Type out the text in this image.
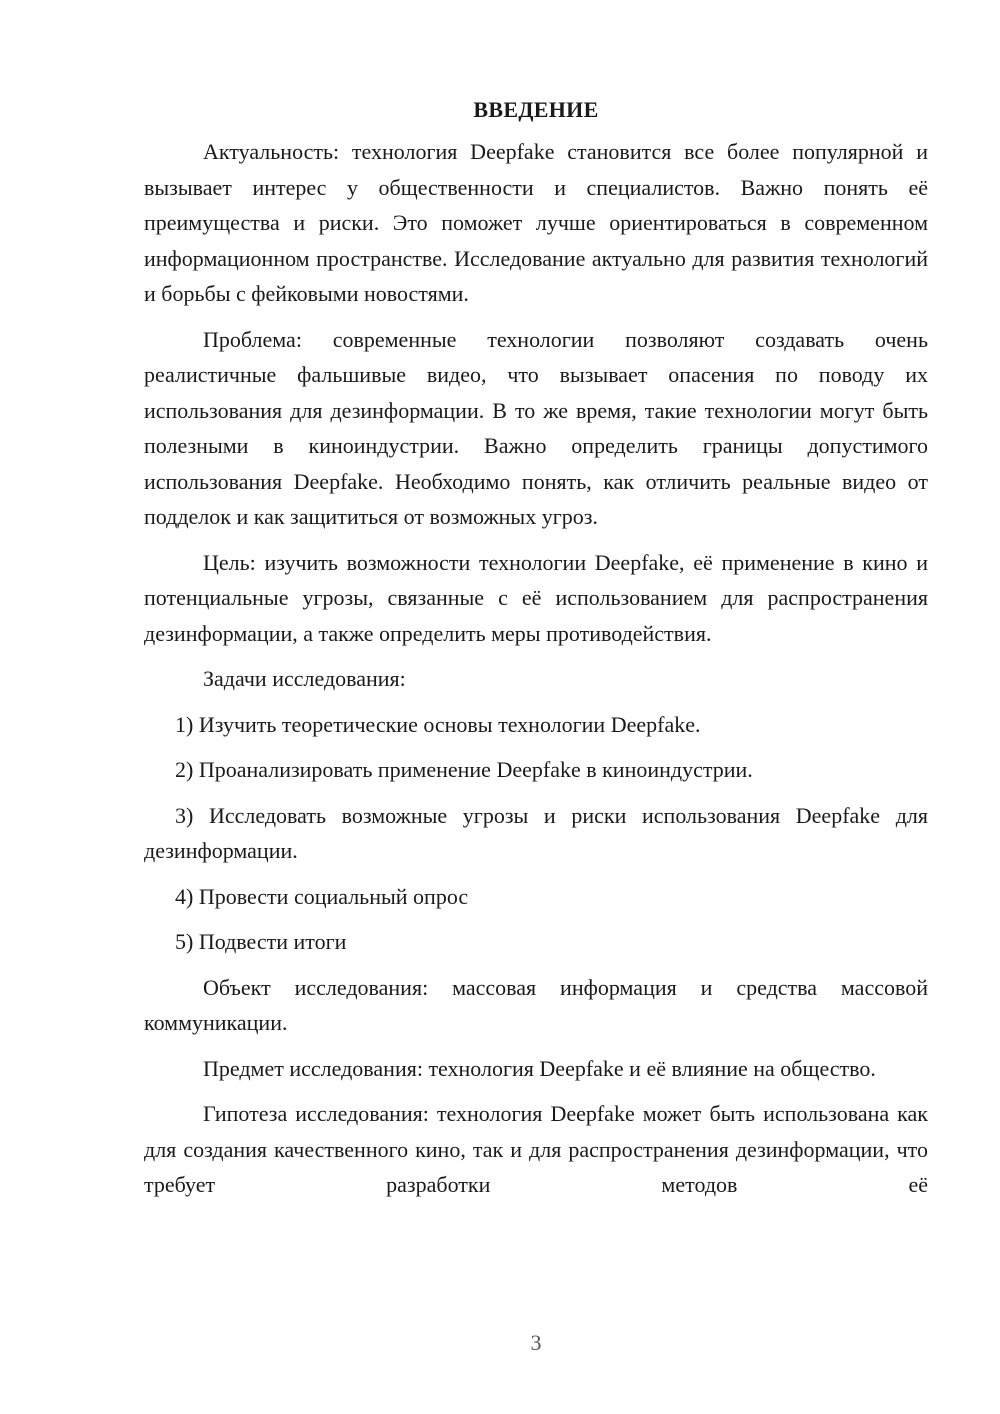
ВВЕДЕНИЕ

Актуальность: технология Deepfake становится все более популярной и вызывает интерес у общественности и специалистов. Важно понять её преимущества и риски. Это поможет лучше ориентироваться в современном информационном пространстве. Исследование актуально для развития технологий и борьбы с фейковыми новостями.

Проблема: современные технологии позволяют создавать очень реалистичные фальшивые видео, что вызывает опасения по поводу их использования для дезинформации. В то же время, такие технологии могут быть полезными в киноиндустрии. Важно определить границы допустимого использования Deepfake. Необходимо понять, как отличить реальные видео от подделок и как защититься от возможных угроз.

Цель: изучить возможности технологии Deepfake, её применение в кино и потенциальные угрозы, связанные с её использованием для распространения дезинформации, а также определить меры противодействия.

Задачи исследования:

1) Изучить теоретические основы технологии Deepfake.

2) Проанализировать применение Deepfake в киноиндустрии.

3) Исследовать возможные угрозы и риски использования Deepfake для дезинформации.

4) Провести социальный опрос

5) Подвести итоги

Объект исследования: массовая информация и средства массовой коммуникации.

Предмет исследования: технология Deepfake и её влияние на общество.

Гипотеза исследования: технология Deepfake может быть использована как для создания качественного кино, так и для распространения дезинформации, что требует разработки методов её

3
